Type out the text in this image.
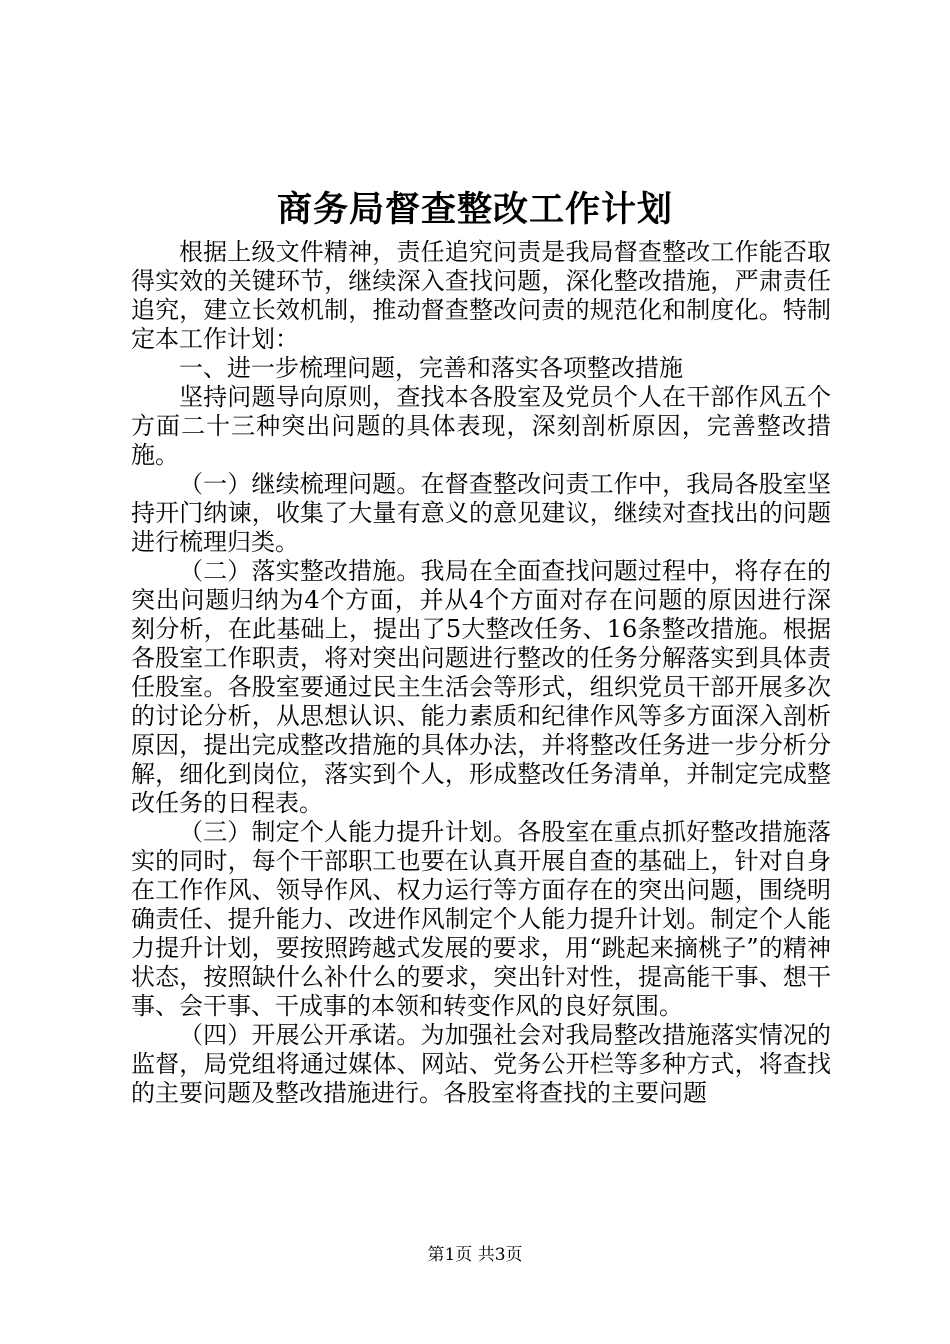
商务局督查整改工作计划

根据上级文件精神，责任追究问责是我局督查整改工作能否取得实效的关键环节，继续深入查找问题，深化整改措施，严肃责任追究，建立长效机制，推动督查整改问责的规范化和制度化。特制定本工作计划：

一、进一步梳理问题，完善和落实各项整改措施

坚持问题导向原则，查找本各股室及党员个人在干部作风五个方面二十三种突出问题的具体表现，深刻剖析原因，完善整改措施。

（一）继续梳理问题。在督查整改问责工作中，我局各股室坚持开门纳谏，收集了大量有意义的意见建议，继续对查找出的问题进行梳理归类。

（二）落实整改措施。我局在全面查找问题过程中，将存在的突出问题归纳为4个方面，并从4个方面对存在问题的原因进行深刻分析，在此基础上，提出了5大整改任务、16条整改措施。根据各股室工作职责，将对突出问题进行整改的任务分解落实到具体责任股室。各股室要通过民主生活会等形式，组织党员干部开展多次的讨论分析，从思想认识、能力素质和纪律作风等多方面深入剖析原因，提出完成整改措施的具体办法，并将整改任务进一步分析分解，细化到岗位，落实到个人，形成整改任务清单，并制定完成整改任务的日程表。

（三）制定个人能力提升计划。各股室在重点抓好整改措施落实的同时，每个干部职工也要在认真开展自查的基础上，针对自身在工作作风、领导作风、权力运行等方面存在的突出问题，围绕明确责任、提升能力、改进作风制定个人能力提升计划。制定个人能力提升计划，要按照跨越式发展的要求，用“跳起来摘桃子”的精神状态，按照缺什么补什么的要求，突出针对性，提高能干事、想干事、会干事、干成事的本领和转变作风的良好氛围。

（四）开展公开承诺。为加强社会对我局整改措施落实情况的监督，局党组将通过媒体、网站、党务公开栏等多种方式，将查找的主要问题及整改措施进行。各股室将查找的主要问题

第1页 共3页
